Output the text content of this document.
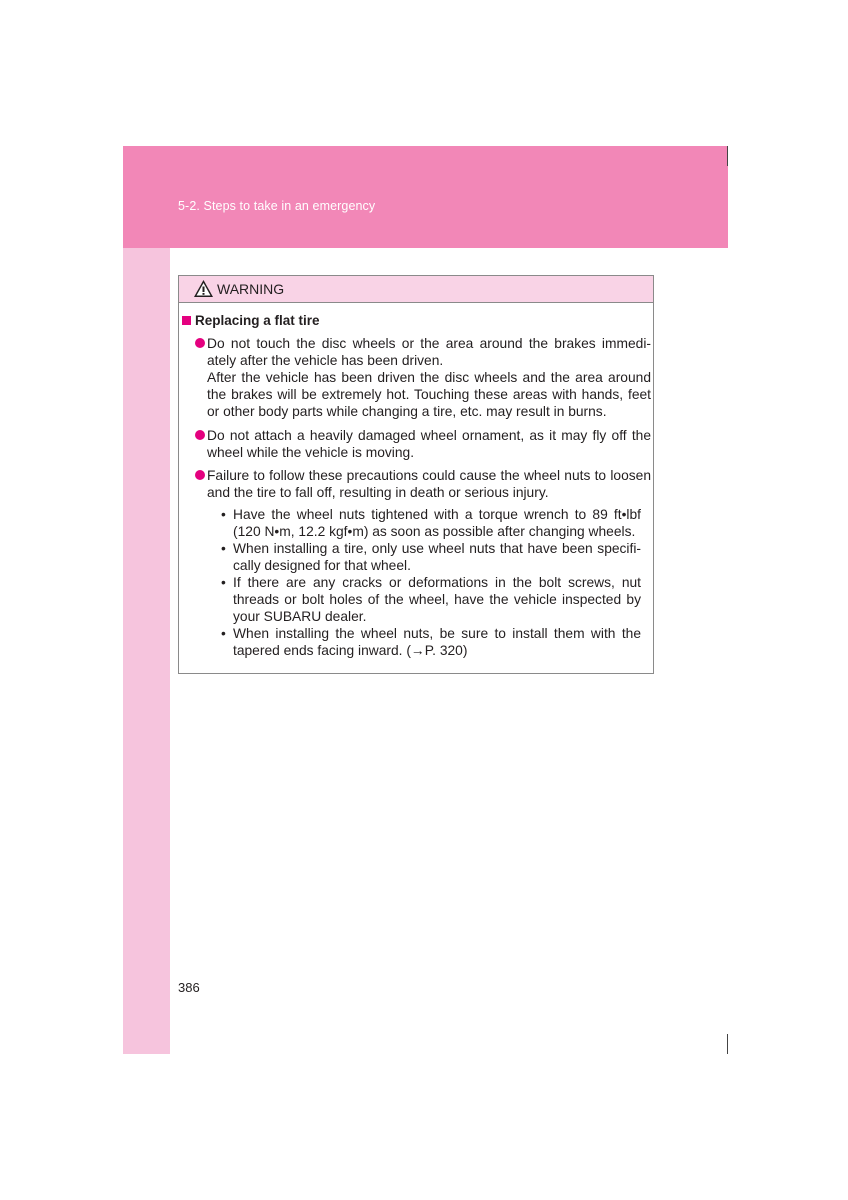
5-2. Steps to take in an emergency
WARNING
Replacing a flat tire

Do not touch the disc wheels or the area around the brakes immedi-ately after the vehicle has been driven.

After the vehicle has been driven the disc wheels and the area around the brakes will be extremely hot. Touching these areas with hands, feet or other body parts while changing a tire, etc. may result in burns.

Do not attach a heavily damaged wheel ornament, as it may fly off the wheel while the vehicle is moving.

Failure to follow these precautions could cause the wheel nuts to loosen and the tire to fall off, resulting in death or serious injury.

• Have the wheel nuts tightened with a torque wrench to 89 ft•lbf (120 N•m, 12.2 kgf•m) as soon as possible after changing wheels.
• When installing a tire, only use wheel nuts that have been specifi-cally designed for that wheel.
• If there are any cracks or deformations in the bolt screws, nut threads or bolt holes of the wheel, have the vehicle inspected by your SUBARU dealer.
• When installing the wheel nuts, be sure to install them with the tapered ends facing inward. (→P. 320)
386
